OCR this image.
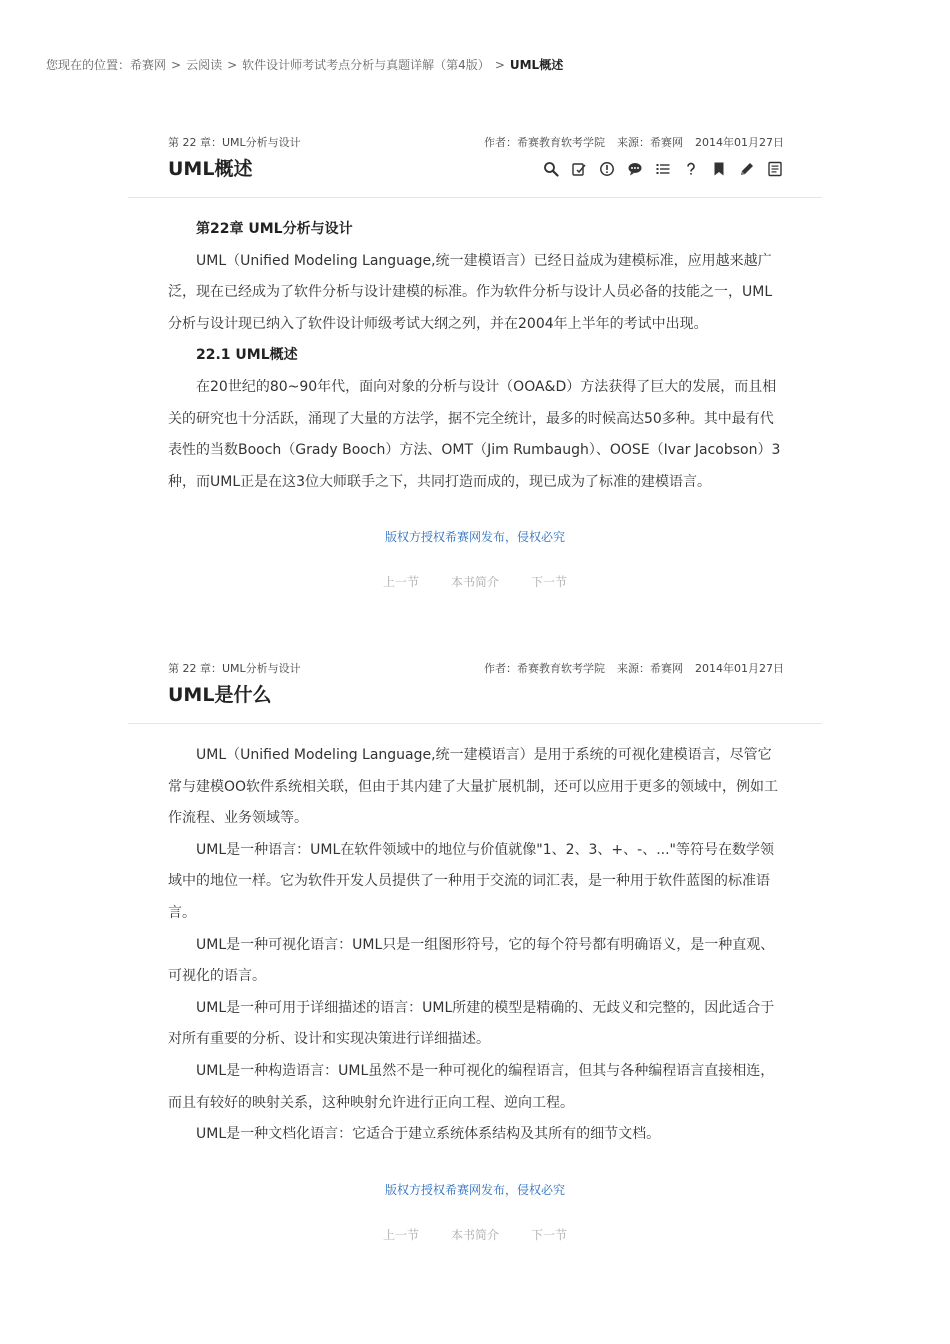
您现在的位置：希赛网 > 云阅读 > 软件设计师考试考点分析与真题详解（第4版） > UML概述
第 22 章：UML分析与设计	作者：希赛教育软考学院 来源：希赛网 2014年01月27日
UML概述
第22章 UML分析与设计

UML（Unified Modeling Language,统一建模语言）已经日益成为建模标准，应用越来越广泛，现在已经成为了软件分析与设计建模的标准。作为软件分析与设计人员必备的技能之一，UML分析与设计现已纳入了软件设计师级考试大纲之列，并在2004年上半年的考试中出现。

22.1 UML概述

在20世纪的80~90年代，面向对象的分析与设计（OOA&D）方法获得了巨大的发展，而且相关的研究也十分活跃，涌现了大量的方法学，据不完全统计，最多的时候高达50多种。其中最有代表性的当数Booch（Grady Booch）方法、OMT（Jim Rumbaugh）、OOSE（Ivar Jacobson）3种，而UML正是在这3位大师联手之下，共同打造而成的，现已成为了标准的建模语言。

版权方授权希赛网发布，侵权必究
上一节	本书简介	下一节
第 22 章：UML分析与设计	作者：希赛教育软考学院 来源：希赛网 2014年01月27日
UML是什么

UML（Unified Modeling Language,统一建模语言）是用于系统的可视化建模语言，尽管它常与建模OO软件系统相关联，但由于其内建了大量扩展机制，还可以应用于更多的领域中，例如工作流程、业务领域等。

UML是一种语言：UML在软件领域中的地位与价值就像"1、2、3、+、-、..."等符号在数学领域中的地位一样。它为软件开发人员提供了一种用于交流的词汇表，是一种用于软件蓝图的标准语言。

UML是一种可视化语言：UML只是一组图形符号，它的每个符号都有明确语义，是一种直观、可视化的语言。

UML是一种可用于详细描述的语言：UML所建的模型是精确的、无歧义和完整的，因此适合于对所有重要的分析、设计和实现决策进行详细描述。

UML是一种构造语言：UML虽然不是一种可视化的编程语言，但其与各种编程语言直接相连，而且有较好的映射关系，这种映射允许进行正向工程、逆向工程。

UML是一种文档化语言：它适合于建立系统体系结构及其所有的细节文档。

版权方授权希赛网发布，侵权必究
上一节	本书简介	下一节
